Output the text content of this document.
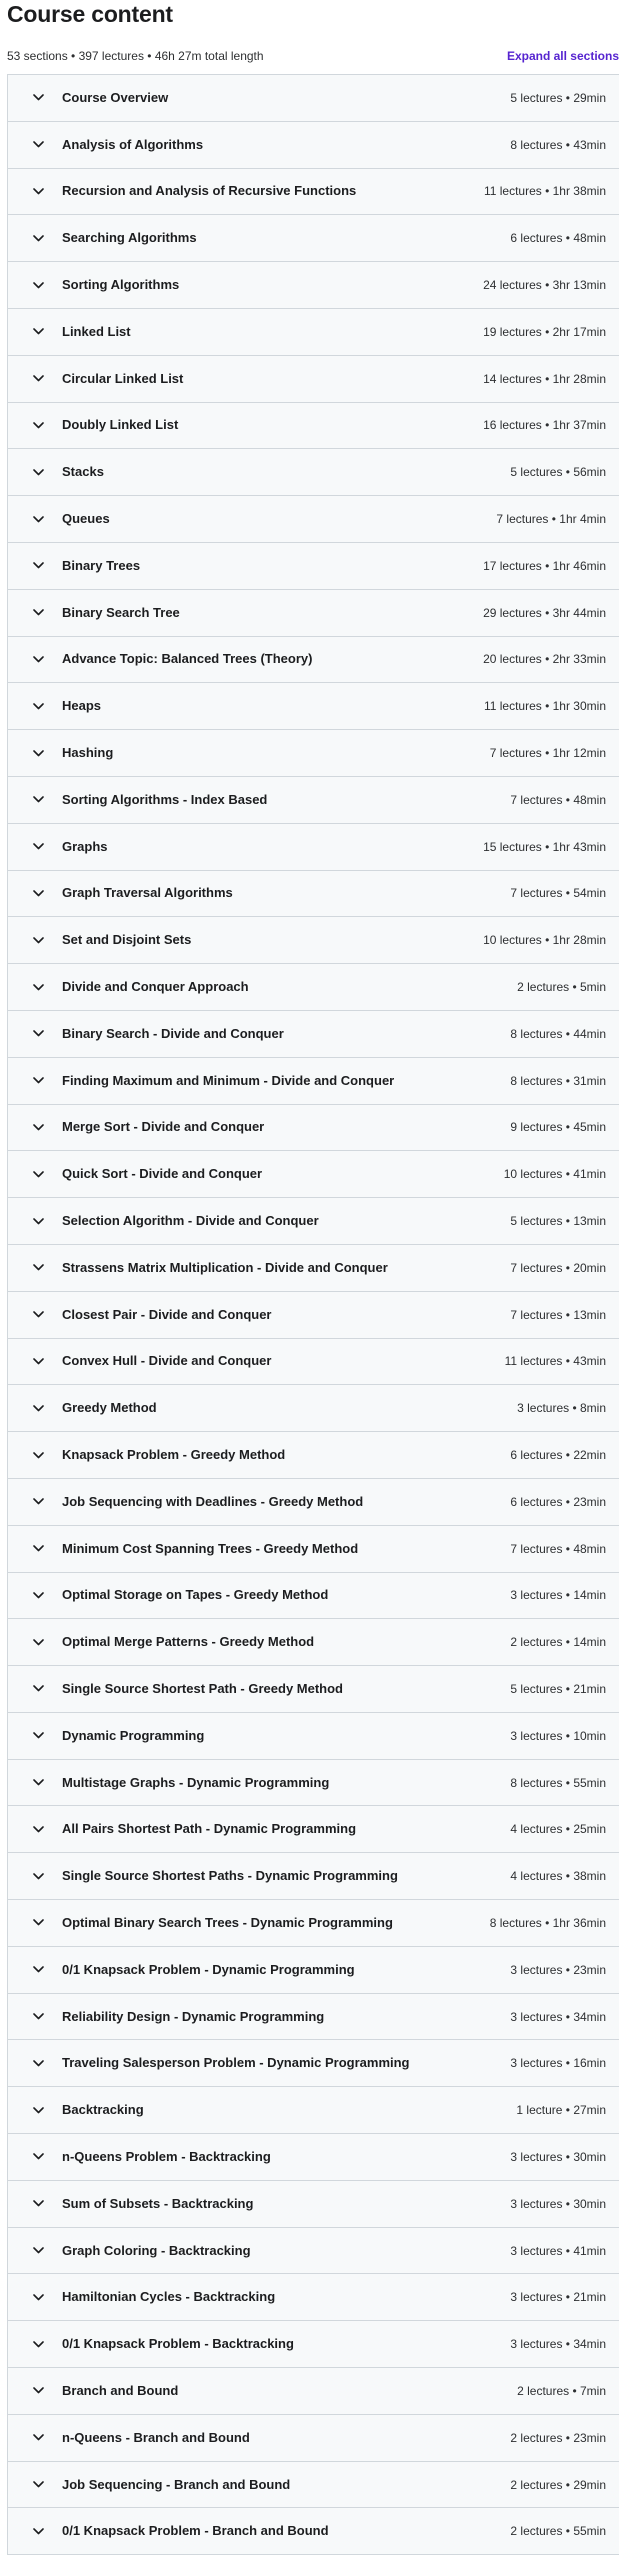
Course content
53 sections • 397 lectures • 46h 27m total length	Expand all sections
Course Overview	5 lectures • 29min
Analysis of Algorithms	8 lectures • 43min
Recursion and Analysis of Recursive Functions	11 lectures • 1hr 38min
Searching Algorithms	6 lectures • 48min
Sorting Algorithms	24 lectures • 3hr 13min
Linked List	19 lectures • 2hr 17min
Circular Linked List	14 lectures • 1hr 28min
Doubly Linked List	16 lectures • 1hr 37min
Stacks	5 lectures • 56min
Queues	7 lectures • 1hr 4min
Binary Trees	17 lectures • 1hr 46min
Binary Search Tree	29 lectures • 3hr 44min
Advance Topic: Balanced Trees (Theory)	20 lectures • 2hr 33min
Heaps	11 lectures • 1hr 30min
Hashing	7 lectures • 1hr 12min
Sorting Algorithms - Index Based	7 lectures • 48min
Graphs	15 lectures • 1hr 43min
Graph Traversal Algorithms	7 lectures • 54min
Set and Disjoint Sets	10 lectures • 1hr 28min
Divide and Conquer Approach	2 lectures • 5min
Binary Search - Divide and Conquer	8 lectures • 44min
Finding Maximum and Minimum - Divide and Conquer	8 lectures • 31min
Merge Sort - Divide and Conquer	9 lectures • 45min
Quick Sort - Divide and Conquer	10 lectures • 41min
Selection Algorithm - Divide and Conquer	5 lectures • 13min
Strassens Matrix Multiplication - Divide and Conquer	7 lectures • 20min
Closest Pair - Divide and Conquer	7 lectures • 13min
Convex Hull - Divide and Conquer	11 lectures • 43min
Greedy Method	3 lectures • 8min
Knapsack Problem - Greedy Method	6 lectures • 22min
Job Sequencing with Deadlines - Greedy Method	6 lectures • 23min
Minimum Cost Spanning Trees - Greedy Method	7 lectures • 48min
Optimal Storage on Tapes - Greedy Method	3 lectures • 14min
Optimal Merge Patterns - Greedy Method	2 lectures • 14min
Single Source Shortest Path - Greedy Method	5 lectures • 21min
Dynamic Programming	3 lectures • 10min
Multistage Graphs - Dynamic Programming	8 lectures • 55min
All Pairs Shortest Path - Dynamic Programming	4 lectures • 25min
Single Source Shortest Paths - Dynamic Programming	4 lectures • 38min
Optimal Binary Search Trees - Dynamic Programming	8 lectures • 1hr 36min
0/1 Knapsack Problem - Dynamic Programming	3 lectures • 23min
Reliability Design - Dynamic Programming	3 lectures • 34min
Traveling Salesperson Problem - Dynamic Programming	3 lectures • 16min
Backtracking	1 lecture • 27min
n-Queens Problem - Backtracking	3 lectures • 30min
Sum of Subsets - Backtracking	3 lectures • 30min
Graph Coloring - Backtracking	3 lectures • 41min
Hamiltonian Cycles - Backtracking	3 lectures • 21min
0/1 Knapsack Problem - Backtracking	3 lectures • 34min
Branch and Bound	2 lectures • 7min
n-Queens - Branch and Bound	2 lectures • 23min
Job Sequencing - Branch and Bound	2 lectures • 29min
0/1 Knapsack Problem - Branch and Bound	2 lectures • 55min
